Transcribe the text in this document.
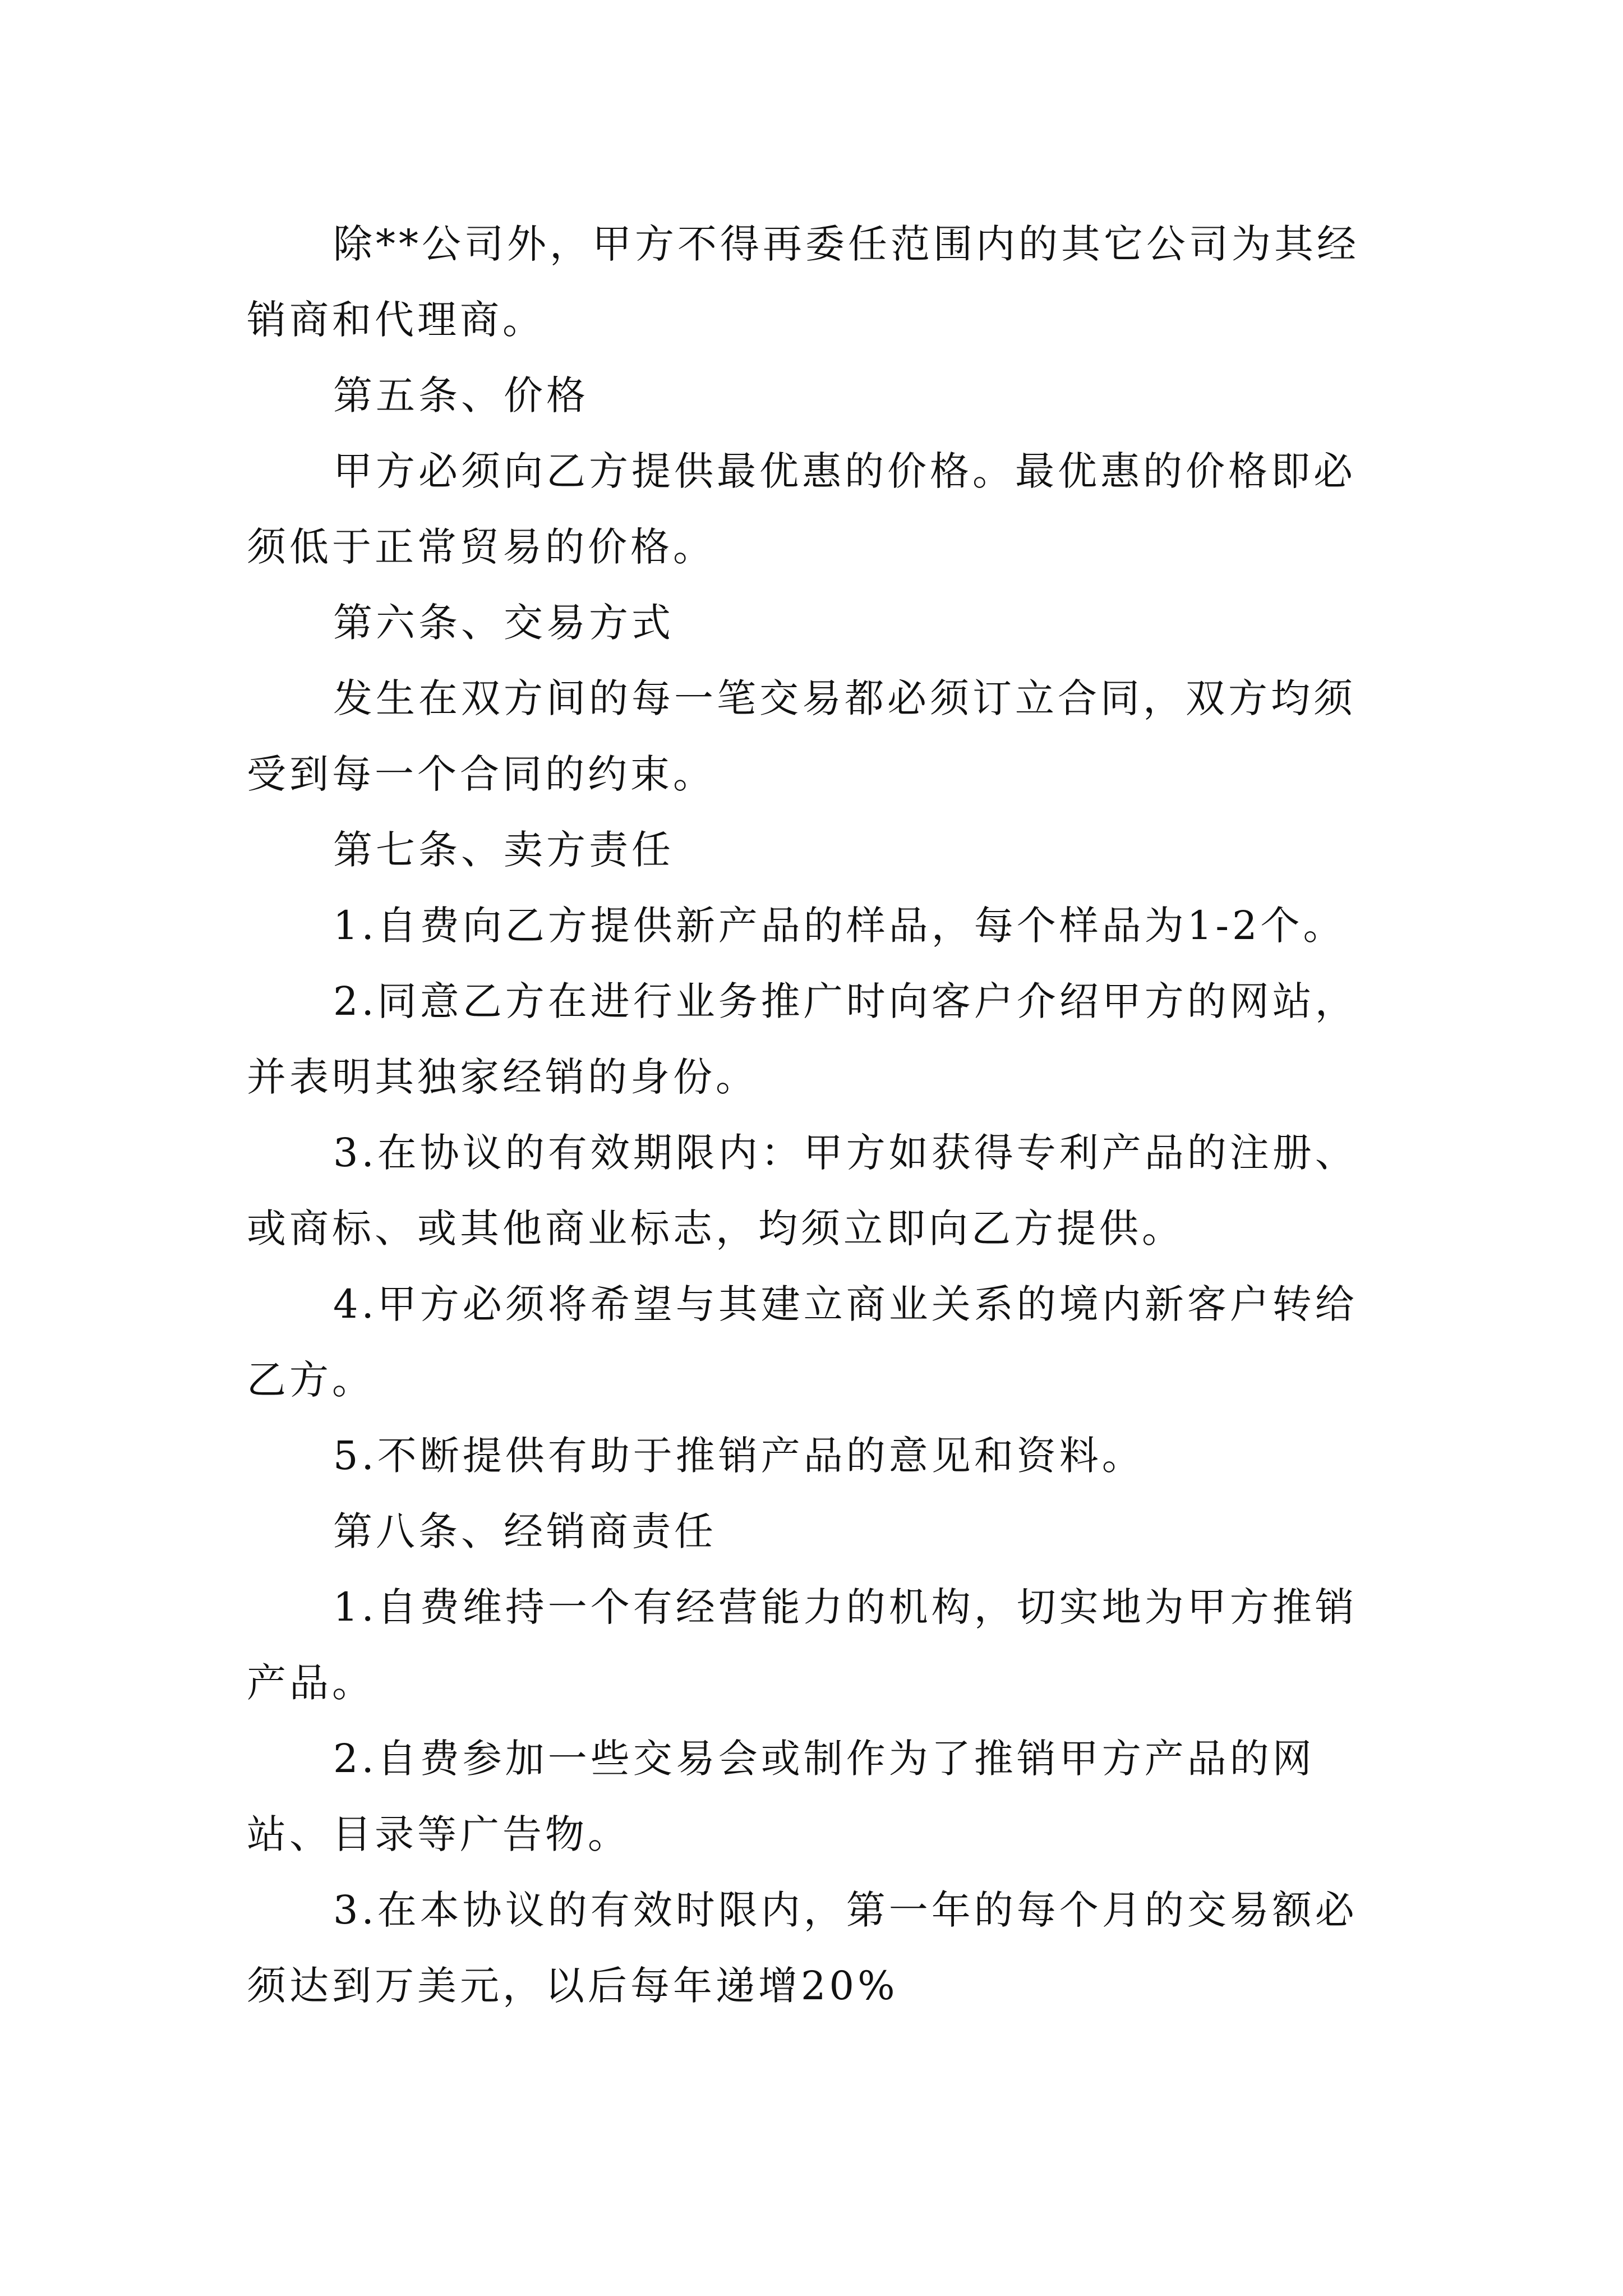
除**公司外，甲方不得再委任范围内的其它公司为其经销商和代理商。

第五条、价格

甲方必须向乙方提供最优惠的价格。最优惠的价格即必须低于正常贸易的价格。

第六条、交易方式

发生在双方间的每一笔交易都必须订立合同，双方均须受到每一个合同的约束。

第七条、卖方责任

1.自费向乙方提供新产品的样品，每个样品为1-2个。

2.同意乙方在进行业务推广时向客户介绍甲方的网站，并表明其独家经销的身份。

3.在协议的有效期限内：甲方如获得专利产品的注册、或商标、或其他商业标志，均须立即向乙方提供。

4.甲方必须将希望与其建立商业关系的境内新客户转给乙方。

5.不断提供有助于推销产品的意见和资料。

第八条、经销商责任

1.自费维持一个有经营能力的机构，切实地为甲方推销产品。

2.自费参加一些交易会或制作为了推销甲方产品的网站、目录等广告物。

3.在本协议的有效时限内，第一年的每个月的交易额必须达到万美元，以后每年递增20%
